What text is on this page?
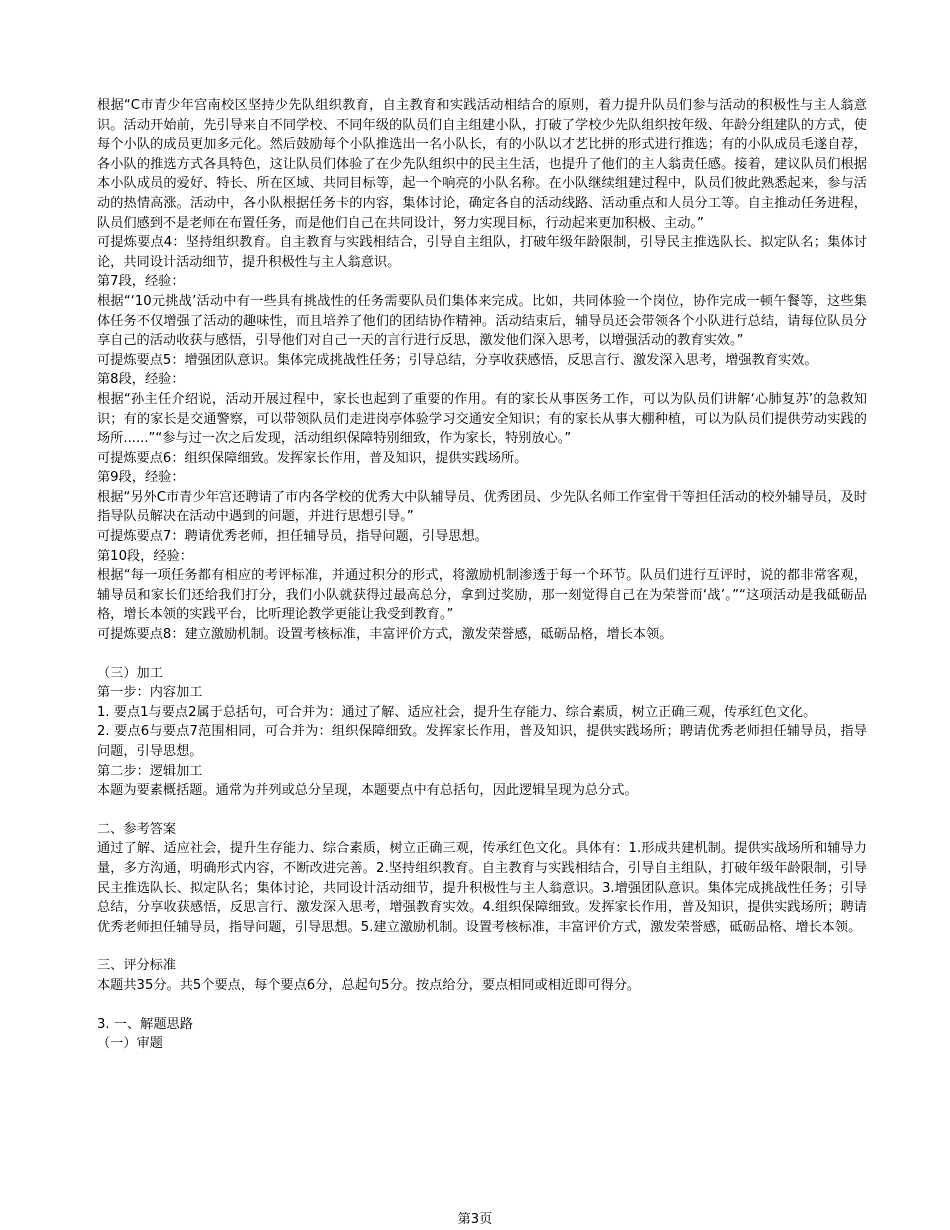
根据“C市青少年宫南校区坚持少先队组织教育，自主教育和实践活动相结合的原则，着力提升队员们参与活动的积极性与主人翁意识。活动开始前，先引导来自不同学校、不同年级的队员们自主组建小队，打破了学校少先队组织按年级、年龄分组建队的方式，使每个小队的成员更加多元化。然后鼓励每个小队推选出一名小队长，有的小队以才艺比拼的形式进行推选；有的小队成员毛遂自荐，各小队的推选方式各具特色，这让队员们体验了在少先队组织中的民主生活，也提升了他们的主人翁责任感。接着，建议队员们根据本小队成员的爱好、特长、所在区域、共同目标等，起一个响亮的小队名称。在小队继续组建过程中，队员们彼此熟悉起来，参与活动的热情高涨。活动中，各小队根据任务卡的内容，集体讨论，确定各自的活动线路、活动重点和人员分工等。自主推动任务进程，队员们感到不是老师在布置任务，而是他们自己在共同设计，努力实现目标，行动起来更加积极、主动。”

可提炼要点4：坚持组织教育。自主教育与实践相结合，引导自主组队，打破年级年龄限制，引导民主推选队长、拟定队名；集体讨论，共同设计活动细节，提升积极性与主人翁意识。

第7段，经验：

根据“‘10元挑战’活动中有一些具有挑战性的任务需要队员们集体来完成。比如，共同体验一个岗位，协作完成一顿午餐等，这些集体任务不仅增强了活动的趣味性，而且培养了他们的团结协作精神。活动结束后，辅导员还会带领各个小队进行总结，请每位队员分享自己的活动收获与感悟，引导他们对自己一天的言行进行反思，激发他们深入思考，以增强活动的教育实效。”

可提炼要点5：增强团队意识。集体完成挑战性任务；引导总结，分享收获感悟，反思言行、激发深入思考，增强教育实效。

第8段，经验：

根据“孙主任介绍说，活动开展过程中，家长也起到了重要的作用。有的家长从事医务工作，可以为队员们讲解‘心肺复苏’的急救知识；有的家长是交通警察，可以带领队员们走进岗亭体验学习交通安全知识；有的家长从事大棚种植，可以为队员们提供劳动实践的场所......”“参与过一次之后发现，活动组织保障特别细致，作为家长，特别放心。”

可提炼要点6：组织保障细致。发挥家长作用，普及知识，提供实践场所。

第9段，经验：

根据“另外C市青少年宫还聘请了市内各学校的优秀大中队辅导员、优秀团员、少先队名师工作室骨干等担任活动的校外辅导员，及时指导队员解决在活动中遇到的问题，并进行思想引导。”

可提炼要点7：聘请优秀老师，担任辅导员，指导问题，引导思想。

第10段，经验：

根据“每一项任务都有相应的考评标准，并通过积分的形式，将激励机制渗透于每一个环节。队员们进行互评时，说的都非常客观，辅导员和家长们还给我们打分，我们小队就获得过最高总分，拿到过奖励，那一刻觉得自己在为荣誉而‘战’。”“这项活动是我砥砺品格，增长本领的实践平台，比听理论教学更能让我受到教育。”

可提炼要点8：建立激励机制。设置考核标准，丰富评价方式，激发荣誉感，砥砺品格，增长本领。

（三）加工

第一步：内容加工

1. 要点1与要点2属于总括句，可合并为：通过了解、适应社会，提升生存能力、综合素质，树立正确三观，传承红色文化。

2. 要点6与要点7范围相同，可合并为：组织保障细致。发挥家长作用，普及知识，提供实践场所；聘请优秀老师担任辅导员，指导问题，引导思想。

第二步：逻辑加工

本题为要素概括题。通常为并列或总分呈现，本题要点中有总括句，因此逻辑呈现为总分式。

二、参考答案

通过了解、适应社会，提升生存能力、综合素质，树立正确三观，传承红色文化。具体有：1.形成共建机制。提供实战场所和辅导力量，多方沟通，明确形式内容，不断改进完善。2.坚持组织教育。自主教育与实践相结合，引导自主组队，打破年级年龄限制，引导民主推选队长、拟定队名；集体讨论，共同设计活动细节，提升积极性与主人翁意识。3.增强团队意识。集体完成挑战性任务；引导总结，分享收获感悟，反思言行、激发深入思考，增强教育实效。4.组织保障细致。发挥家长作用，普及知识，提供实践场所；聘请优秀老师担任辅导员，指导问题，引导思想。5.建立激励机制。设置考核标准，丰富评价方式，激发荣誉感，砥砺品格、增长本领。

三、评分标准

本题共35分。共5个要点，每个要点6分，总起句5分。按点给分，要点相同或相近即可得分。

3. 一、解题思路

（一）审题

第3页
